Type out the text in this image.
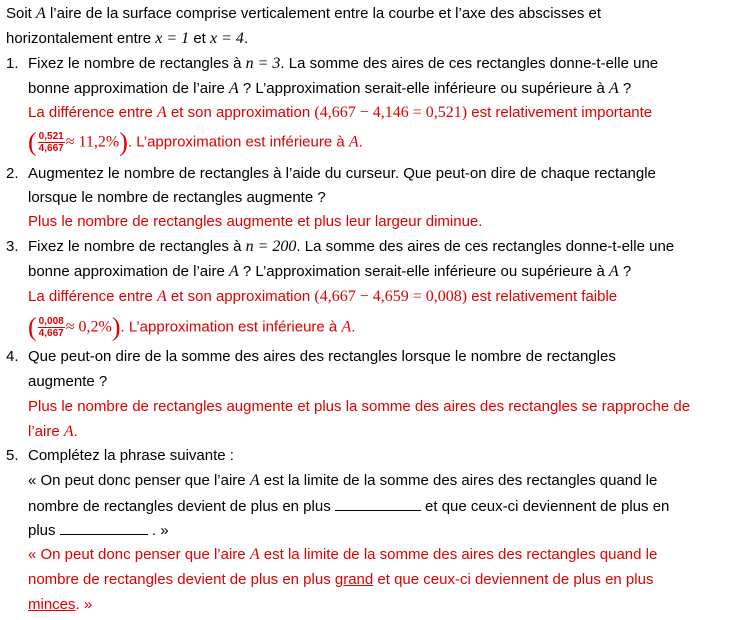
Soit A l’aire de la surface comprise verticalement entre la courbe et l’axe des abscisses et
horizontalement entre x = 1 et x = 4.
1. Fixez le nombre de rectangles à n = 3. La somme des aires de ces rectangles donne-t-elle une
bonne approximation de l’aire A ? L’approximation serait-elle inférieure ou supérieure à A ?
La différence entre A et son approximation (4,667 − 4,146 = 0,521) est relativement importante
( $\frac{0,521}{4,667} \approx 11,2\%$). L’approximation est inférieure à A.
2. Augmentez le nombre de rectangles à l’aide du curseur. Que peut-on dire de chaque rectangle
lorsque le nombre de rectangles augmente ?
Plus le nombre de rectangles augmente et plus leur largeur diminue.
3. Fixez le nombre de rectangles à n = 200. La somme des aires de ces rectangles donne-t-elle une
bonne approximation de l’aire A ? L’approximation serait-elle inférieure ou supérieure à A ?
La différence entre A et son approximation (4,667 − 4,659 = 0,008) est relativement faible
( $\frac{0,008}{4,667} \approx 0,2\%$). L’approximation est inférieure à A.
4. Que peut-on dire de la somme des aires des rectangles lorsque le nombre de rectangles
augmente ?
Plus le nombre de rectangles augmente et plus la somme des aires des rectangles se rapproche de
l’aire A.
5. Complétez la phrase suivante :
« On peut donc penser que l’aire A est la limite de la somme des aires des rectangles quand le
nombre de rectangles devient de plus en plus	et que ceux-ci deviennent de plus en
plus	. »
« On peut donc penser que l’aire A est la limite de la somme des aires des rectangles quand le
nombre de rectangles devient de plus en plus grand et que ceux-ci deviennent de plus en plus
minces. »
